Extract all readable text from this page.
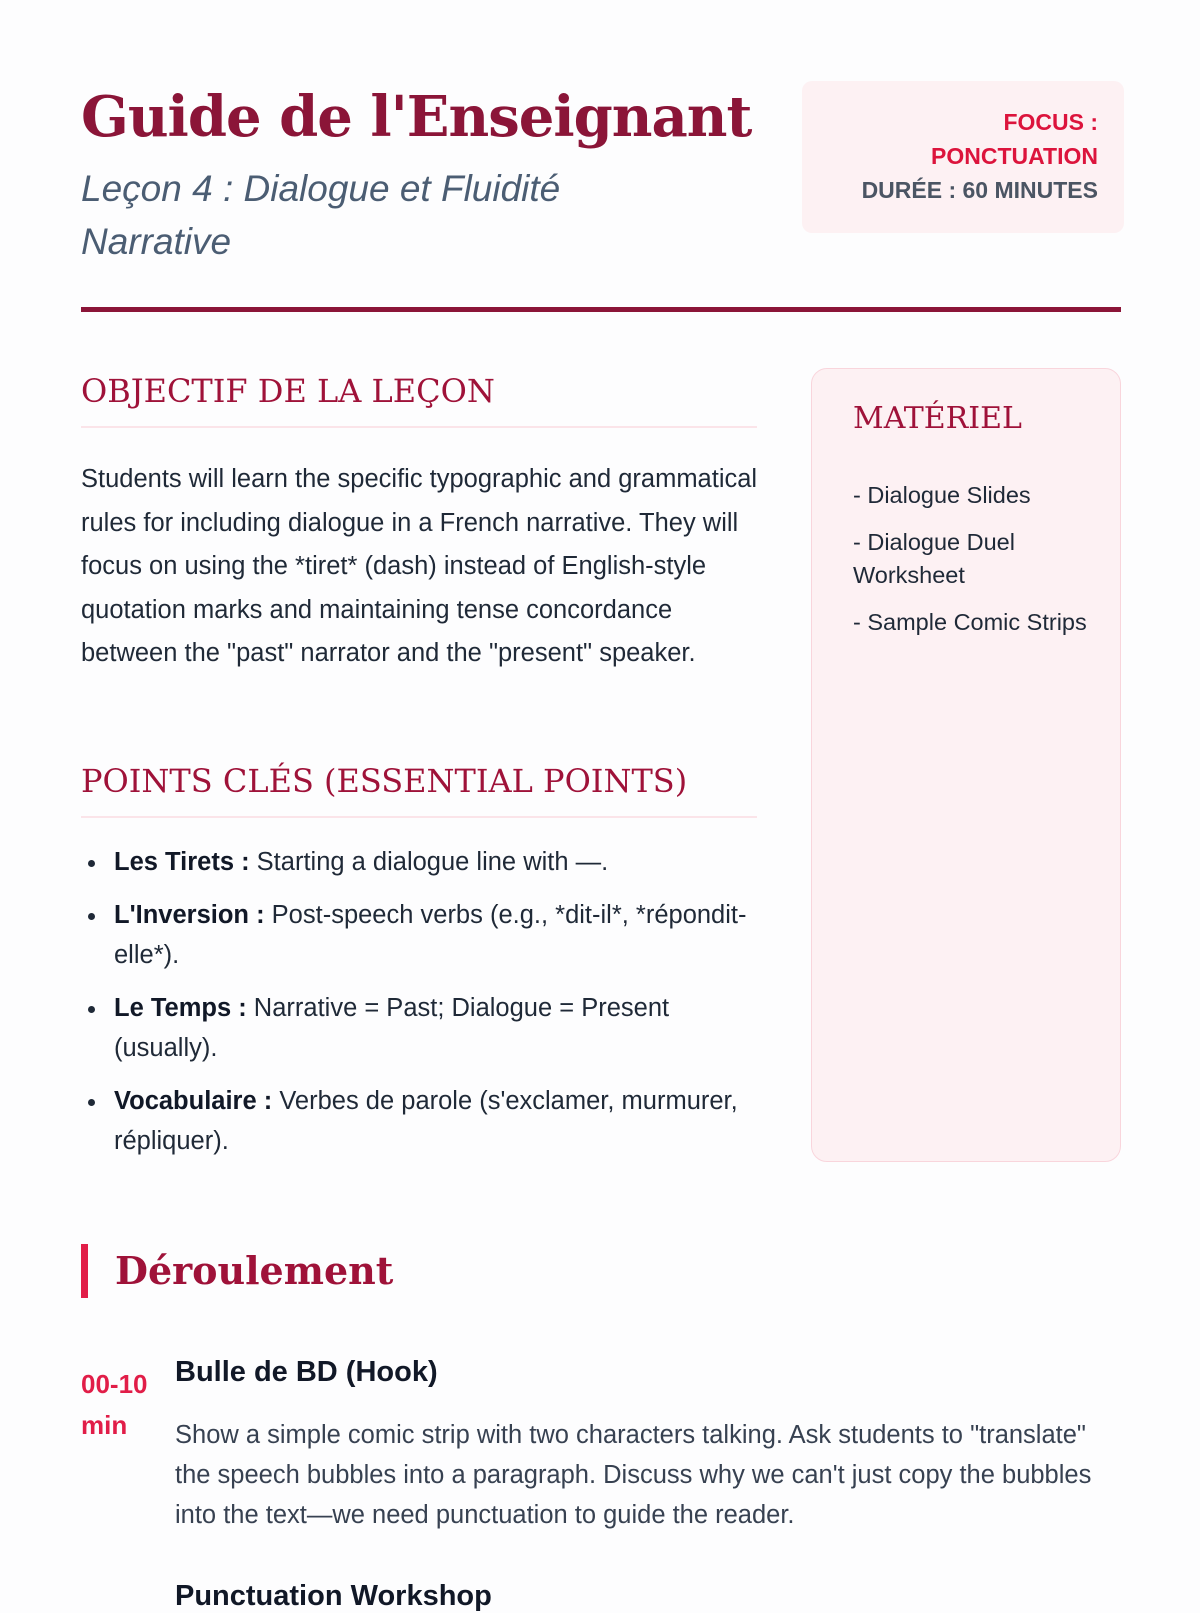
Guide de l'Enseignant

Leçon 4 : Dialogue et Fluidité Narrative

FOCUS :
PONCTUATION
DURÉE : 60 MINUTES
OBJECTIF DE LA LEÇON

Students will learn the specific typographic and grammatical rules for including dialogue in a French narrative. They will focus on using the *tiret* (dash) instead of English-style quotation marks and maintaining tense concordance between the "past" narrator and the "present" speaker.

POINTS CLÉS (ESSENTIAL POINTS)
Les Tirets : Starting a dialogue line with —.
L'Inversion : Post-speech verbs (e.g., *dit-il*, *répondit-elle*).
Le Temps : Narrative = Past; Dialogue = Present (usually).
Vocabulaire : Verbes de parole (s'exclamer, murmurer, répliquer).
MATÉRIEL
- Dialogue Slides
- Dialogue Duel Worksheet
- Sample Comic Strips
Déroulement
00-10 min
Bulle de BD (Hook)

Show a simple comic strip with two characters talking. Ask students to "translate" the speech bubbles into a paragraph. Discuss why we can't just copy the bubbles into the text—we need punctuation to guide the reader.

Punctuation Workshop
